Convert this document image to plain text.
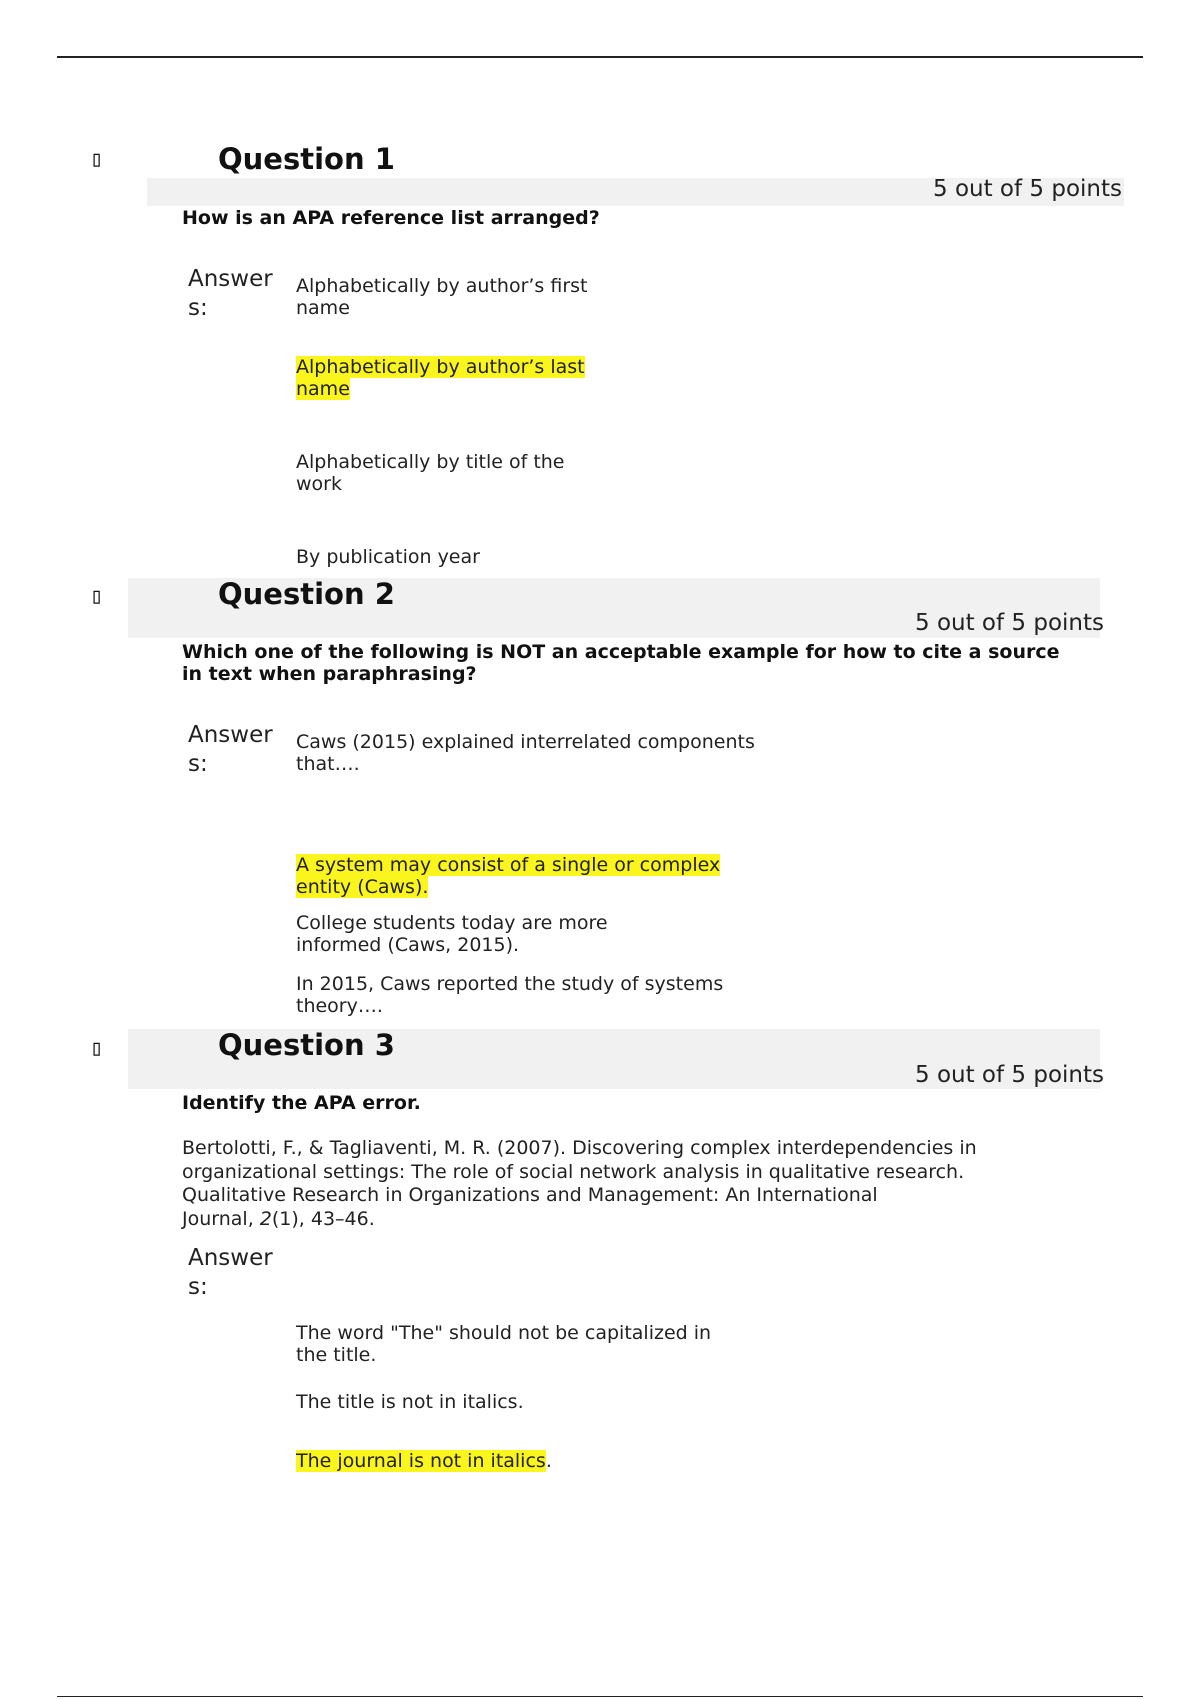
▯	Question 1
5 out of 5 points
How is an APA reference list arranged?
Answer
s:
Alphabetically by author’s first
name
Alphabetically by author’s last
name
Alphabetically by title of the
work
By publication year
▯	Question 2
5 out of 5 points
Which one of the following is NOT an acceptable example for how to cite a source
in text when paraphrasing?
Answer
s:
Caws (2015) explained interrelated components
that….
A system may consist of a single or complex
entity (Caws).
College students today are more
informed (Caws, 2015).
In 2015, Caws reported the study of systems
theory….
▯	Question 3
5 out of 5 points
Identify the APA error.
Bertolotti, F., & Tagliaventi, M. R. (2007). Discovering complex interdependencies in
organizational settings: The role of social network analysis in qualitative research.
Qualitative Research in Organizations and Management: An International
Journal, 2(1), 43–46.
Answer
s:
The word "The" should not be capitalized in
the title.
The title is not in italics.
The journal is not in italics.
